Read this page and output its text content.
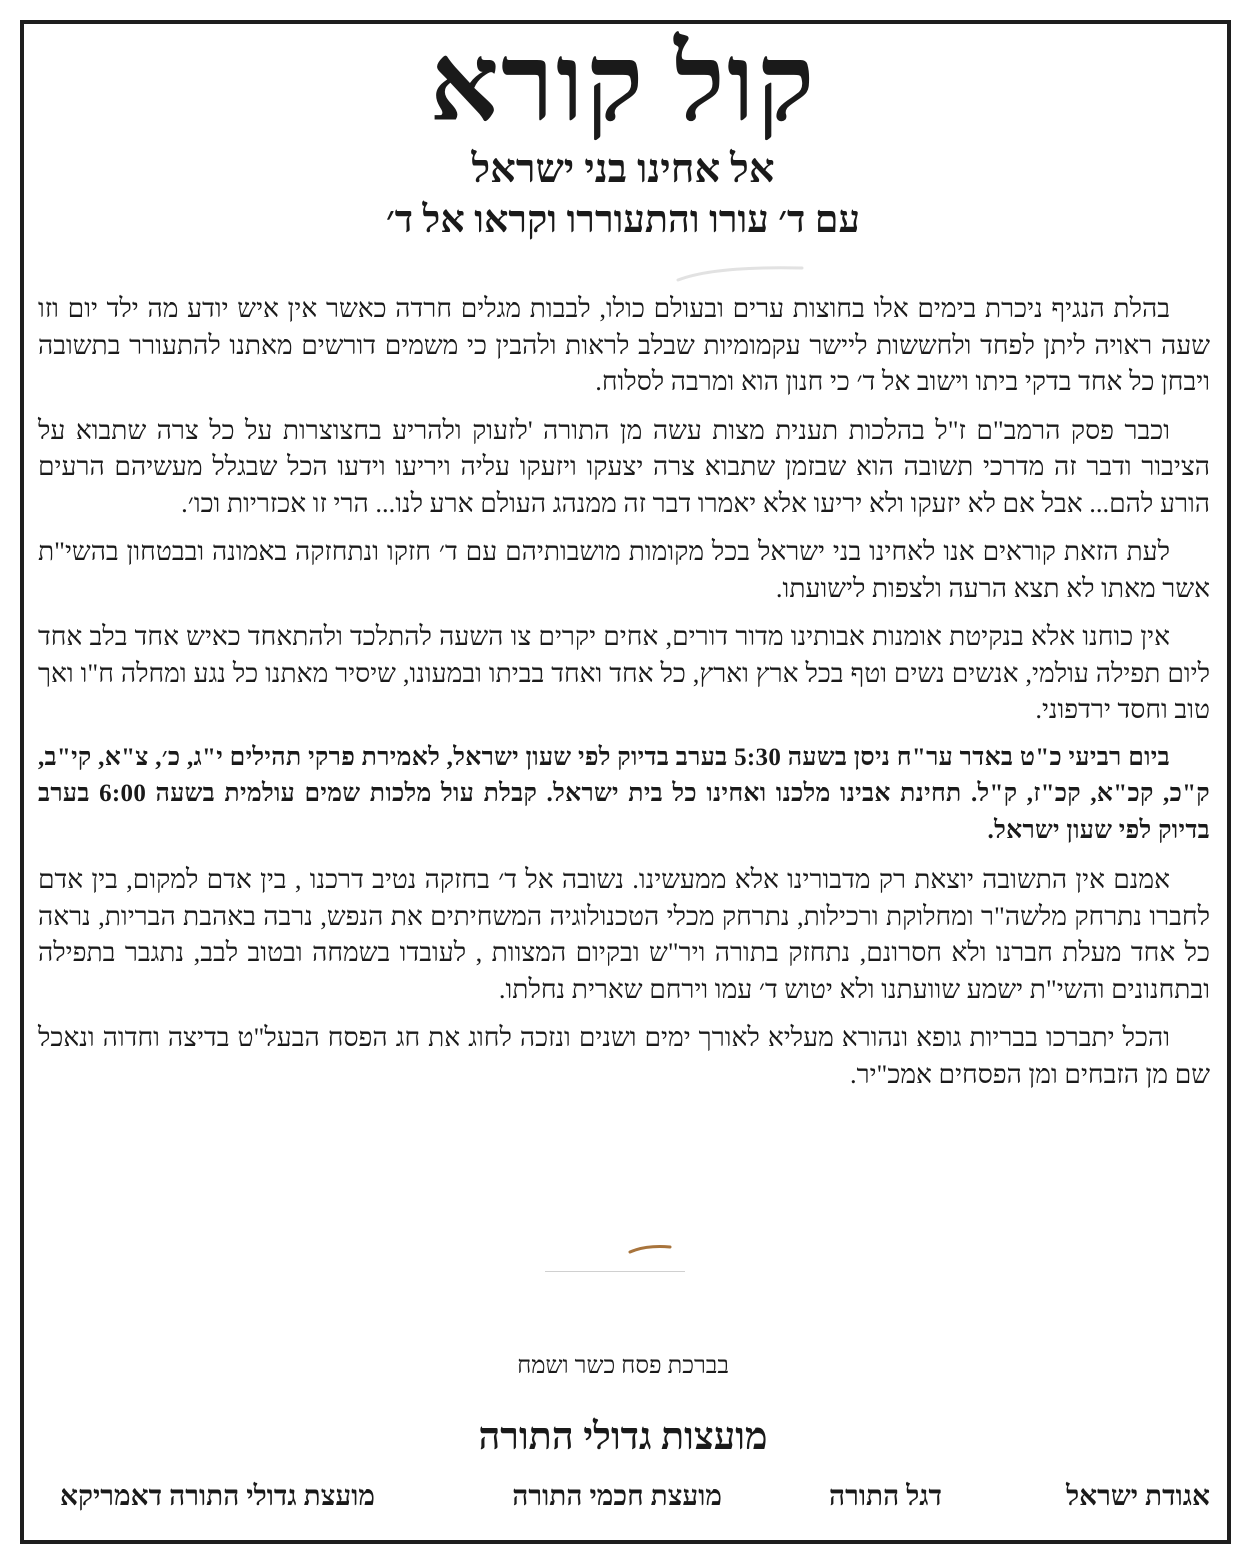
קול קורא
אל אחינו בני ישראל
עם ד׳ עורו והתעוררו וקראו אל ד׳

בהלת הנגיף ניכרת בימים אלו בחוצות ערים ובעולם כולו, לבבות מגלים חרדה כאשר אין איש יודע מה ילד יום וזו שעה ראויה ליתן לפחד ולחששות ליישר עקמומיות שבלב לראות ולהבין כי משמים דורשים מאתנו להתעורר בתשובה ויבחן כל אחד בדקי ביתו וישוב אל ד׳ כי חנון הוא ומרבה לסלוח.

וכבר פסק הרמב"ם ז"ל בהלכות תענית מצות עשה מן התורה 'לזעוק ולהריע בחצוצרות על כל צרה שתבוא על הציבור ודבר זה מדרכי תשובה הוא שבזמן שתבוא צרה יצעקו ויזעקו עליה ויריעו וידעו הכל שבגלל מעשיהם הרעים הורע להם... אבל אם לא יזעקו ולא יריעו אלא יאמרו דבר זה ממנהג העולם ארע לנו... הרי זו אכזריות וכו׳.

לעת הזאת קוראים אנו לאחינו בני ישראל בכל מקומות מושבותיהם עם ד׳ חזקו ונתחזקה באמונה ובבטחון בהשי"ת אשר מאתו לא תצא הרעה ולצפות לישועתו.

אין כוחנו אלא בנקיטת אומנות אבותינו מדור דורים, אחים יקרים צו השעה להתלכד ולהתאחד כאיש אחד בלב אחד ליום תפילה עולמי, אנשים נשים וטף בכל ארץ וארץ, כל אחד ואחד בביתו ובמעונו, שיסיר מאתנו כל נגע ומחלה ח"ו ואך טוב וחסד ירדפוני.

ביום רביעי כ"ט באדר ער"ח ניסן בשעה 5:30 בערב בדיוק לפי שעון ישראל, לאמירת פרקי תהילים י"ג, כ׳, צ"א, קי"ב, ק"כ, קכ"א, קכ"ז, ק"ל. תחינת אבינו מלכנו ואחינו כל בית ישראל. קבלת עול מלכות שמים עולמית בשעה 6:00 בערב בדיוק לפי שעון ישראל.

אמנם אין התשובה יוצאת רק מדבורינו אלא ממעשינו. נשובה אל ד׳ בחזקה נטיב דרכנו , בין אדם למקום, בין אדם לחברו נתרחק מלשה"ר ומחלוקת ורכילות, נתרחק מכלי הטכנולוגיה המשחיתים את הנפש, נרבה באהבת הבריות, נראה כל אחד מעלת חברנו ולא חסרונם, נתחזק בתורה ויר"ש ובקיום המצוות , לעובדו בשמחה ובטוב לבב, נתגבר בתפילה ובתחנונים והשי"ת ישמע שוועתנו ולא יטוש ד׳ עמו וירחם שארית נחלתו.

והכל יתברכו בבריות גופא ונהורא מעליא לאורך ימים ושנים ונזכה לחוג את חג הפסח הבעל"ט בדיצה וחדוה ונאכל שם מן הזבחים ומן הפסחים אמכ"יר.

בברכת פסח כשר ושמח
מועצות גדולי התורה
אגודת ישראל
דגל התורה
מועצת חכמי התורה
מועצת גדולי התורה דאמריקא
